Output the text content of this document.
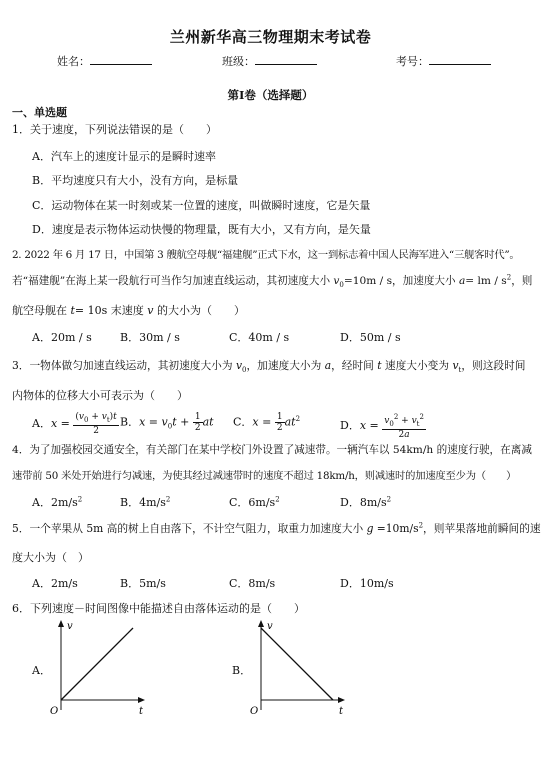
兰州新华高三物理期末考试卷
姓名：	班级：	考号：
第Ⅰ卷（选择题）
一、单选题
1．关于速度，下列说法错误的是（　　）
A．汽车上的速度计显示的是瞬时速率
B．平均速度只有大小，没有方向，是标量
C．运动物体在某一时刻或某一位置的速度，叫做瞬时速度，它是矢量
D．速度是表示物体运动快慢的物理量，既有大小，又有方向，是矢量
2. 2022 年 6 月 17 日，中国第 3 艘航空母舰“福建舰”正式下水，这一到标志着中国人民海军进入“三舰客时代”。
若“福建舰”在海上某一段航行可当作匀加速直线运动，其初速度大小 $v_0=10m / s$，加速度大小 a= lm / $s^2$，则
航空母舰在 t= 10s 末速度 v 的大小为（　　）
A．20m / s	B．30m / s	C．40m / s	D．50m / s
3．一物体做匀加速直线运动，其初速度大小为 $v_0$，加速度大小为 a，经时间 t 速度大小变为 $v_t$，则这段时间
内物体的位移大小可表示为（　　）
A．$x = \frac{(v_0 + v_t)t}{2}$ B．$x = v_0t + \frac{1}{2}$ at C．$x = \frac{1}{2} at^2$
D．$x = \frac{v_0^2 + v_t^2}{2a}$
4．为了加强校园交通安全，有关部门在某中学校门外设置了减速带。一辆汽车以 54km/h 的速度行驶，在离减
速带前 50 米处开始进行匀减速，为使其经过减速带时的速度不超过 18km/h，则减速时的加速度至少为（　　）
A．$2m/s^2$	B．$4m/s^2$	C．$6m/s^2$	D．$8m/s^2$
5．一个苹果从 5m 高的树上自由落下，不计空气阻力，取重力加速度大小 $g =10m/s^2$，则苹果落地前瞬间的速
度大小为（　）
A．2m/s	B．5m/s	C．8m/s	D．10m/s
6．下列速度－时间图像中能描述自由落体运动的是（　　）
A．	B．
v
t
O
v
t
O
